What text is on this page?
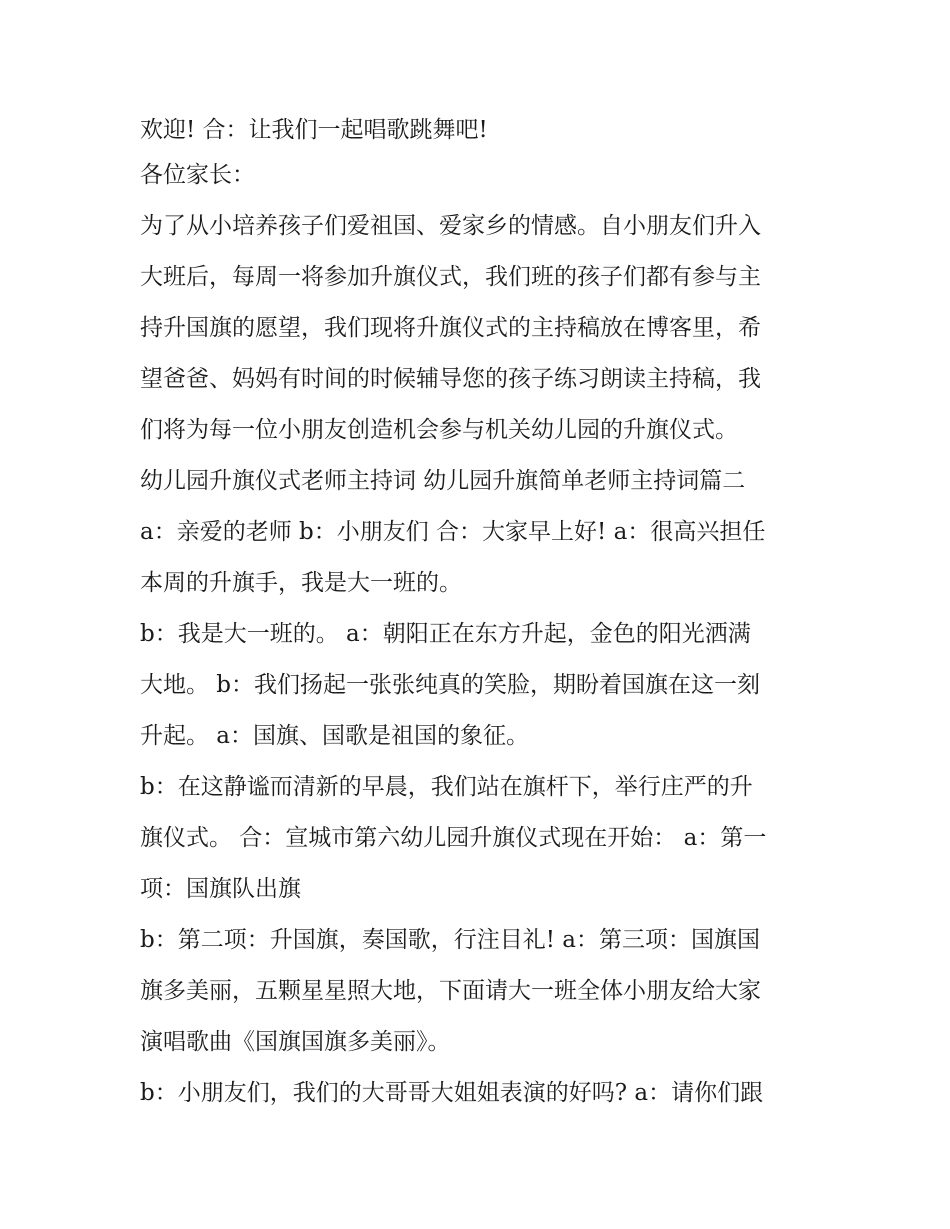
欢迎! 合：让我们一起唱歌跳舞吧!
各位家长：
为了从小培养孩子们爱祖国、爱家乡的情感。自小朋友们升入
大班后，每周一将参加升旗仪式，我们班的孩子们都有参与主
持升国旗的愿望，我们现将升旗仪式的主持稿放在博客里，希
望爸爸、妈妈有时间的时候辅导您的孩子练习朗读主持稿，我
们将为每一位小朋友创造机会参与机关幼儿园的升旗仪式。
幼儿园升旗仪式老师主持词 幼儿园升旗简单老师主持词篇二
a：亲爱的老师 b：小朋友们 合：大家早上好! a：很高兴担任
本周的升旗手，我是大一班的。
b：我是大一班的。 a：朝阳正在东方升起，金色的阳光洒满
大地。 b：我们扬起一张张纯真的笑脸，期盼着国旗在这一刻
升起。 a：国旗、国歌是祖国的象征。
b：在这静谧而清新的早晨，我们站在旗杆下，举行庄严的升
旗仪式。 合：宣城市第六幼儿园升旗仪式现在开始： a：第一
项：国旗队出旗
b：第二项：升国旗，奏国歌，行注目礼! a：第三项：国旗国
旗多美丽，五颗星星照大地，下面请大一班全体小朋友给大家
演唱歌曲《国旗国旗多美丽》。
b：小朋友们，我们的大哥哥大姐姐表演的好吗? a：请你们跟
